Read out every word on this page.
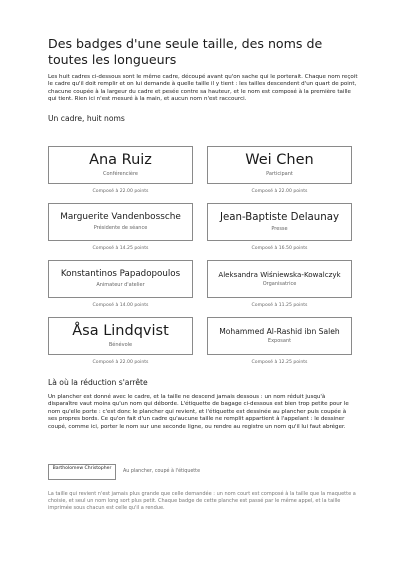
Des badges d'une seule taille, des noms de toutes les longueurs
Les huit cadres ci-dessous sont le même cadre, découpé avant qu'on sache qui le porterait. Chaque nom reçoit le cadre qu'il doit remplir et on lui demande à quelle taille il y tient : les tailles descendent d'un quart de point, chacune coupée à la largeur du cadre et pesée contre sa hauteur, et le nom est composé à la première taille qui tient. Rien ici n'est mesuré à la main, et aucun nom n'est raccourci.
Un cadre, huit noms
Ana Ruiz
Conférencière
Composé à 22.00 points
Wei Chen
Participant
Composé à 22.00 points
Marguerite Vandenbossche
Présidente de séance
Composé à 14.25 points
Jean-Baptiste Delaunay
Presse
Composé à 16.50 points
Konstantinos Papadopoulos
Animateur d'atelier
Composé à 14.00 points
Aleksandra Wiśniewska-Kowalczyk
Organisatrice
Composé à 11.25 points
Åsa Lindqvist
Bénévole
Composé à 22.00 points
Mohammed Al-Rashid ibn Saleh
Exposant
Composé à 12.25 points
Là où la réduction s'arrête
Un plancher est donné avec le cadre, et la taille ne descend jamais dessous : un nom réduit jusqu'à disparaître vaut moins qu'un nom qui déborde. L'étiquette de bagage ci-dessous est bien trop petite pour le nom qu'elle porte : c'est donc le plancher qui revient, et l'étiquette est dessinée au plancher puis coupée à ses propres bords. Ce qu'on fait d'un cadre qu'aucune taille ne remplit appartient à l'appelant : le dessiner coupé, comme ici, porter le nom sur une seconde ligne, ou rendre au registre un nom qu'il lui faut abréger.
Bartholomew Christopher
Au plancher, coupé à l'étiquette
La taille qui revient n'est jamais plus grande que celle demandée : un nom court est composé à la taille que la maquette a choisie, et seul un nom long sort plus petit. Chaque badge de cette planche est passé par le même appel, et la taille imprimée sous chacun est celle qu'il a rendue.
